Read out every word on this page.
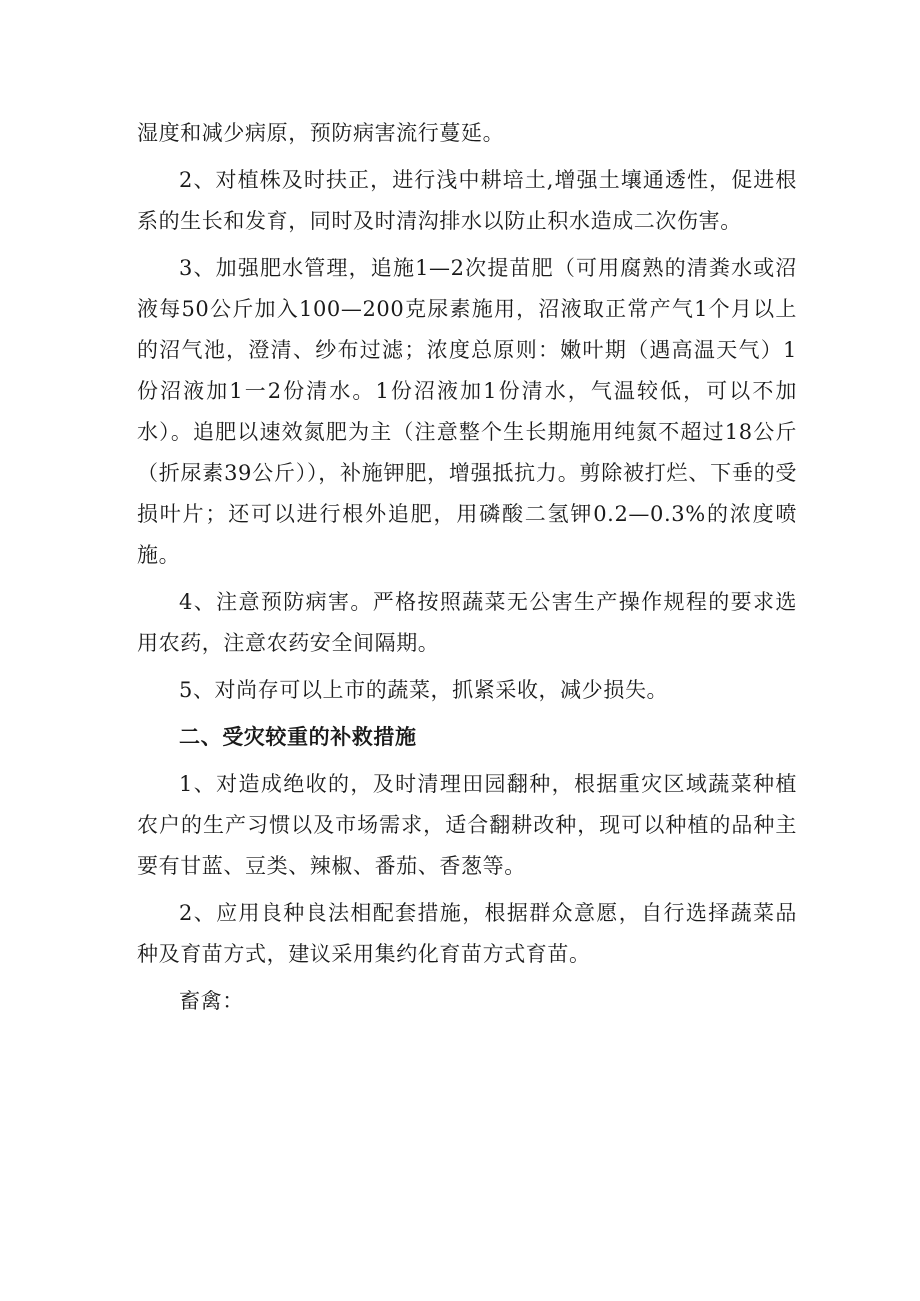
湿度和减少病原，预防病害流行蔓延。

2、对植株及时扶正，进行浅中耕培土,增强土壤通透性，促进根系的生长和发育，同时及时清沟排水以防止积水造成二次伤害。

3、加强肥水管理，追施1—2次提苗肥（可用腐熟的清粪水或沼液每50公斤加入100—200克尿素施用，沼液取正常产气1个月以上的沼气池，澄清、纱布过滤；浓度总原则：嫩叶期（遇高温天气）1份沼液加1一2份清水。1份沼液加1份清水，气温较低，可以不加水）。追肥以速效氮肥为主（注意整个生长期施用纯氮不超过18公斤（折尿素39公斤）），补施钾肥，增强抵抗力。剪除被打烂、下垂的受损叶片；还可以进行根外追肥，用磷酸二氢钾0.2—0.3%的浓度喷施。

4、注意预防病害。严格按照蔬菜无公害生产操作规程的要求选用农药，注意农药安全间隔期。

5、对尚存可以上市的蔬菜，抓紧采收，减少损失。

二、受灾较重的补救措施

1、对造成绝收的，及时清理田园翻种，根据重灾区域蔬菜种植农户的生产习惯以及市场需求，适合翻耕改种，现可以种植的品种主要有甘蓝、豆类、辣椒、番茄、香葱等。

2、应用良种良法相配套措施，根据群众意愿，自行选择蔬菜品种及育苗方式，建议采用集约化育苗方式育苗。

畜禽：
